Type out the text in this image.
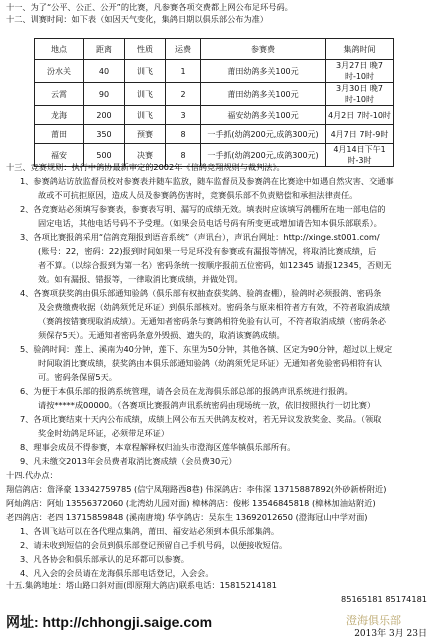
十一、为了“公平、公正、公开”的比赛，凡参赛各项交费都上网公布足环号码。
十二、训赛时间：如下表（如因天气变化，集鸽日期以俱乐部公布为准）
地点	距离	性质	运费	参赛费	集鸽时间
汾水关	40	训飞	1	莆田幼鸽多关100元	3月27日 晚7时-10时
云霄	90	训飞	2	莆田幼鸽多关100元	3月30日 晚7时-10时
龙海	200	训飞	3	福安幼鸽多关100元	4月2日 7时-10时
莆田	350	预赛	8	一手抓(幼鸽200元,成鸽300元)	4月7日 7时-9时
福安	500	决赛	8	一手抓(幼鸽200元,成鸽300元)	4月14日下午1时-3时
十三、竞赛规则：执行中鸽协最新审定的2002年《信鸽竞翔规则与裁判法》。
1、参赛鸽站访放监督员校对参赛表并随车监放，随车监督员及参赛鸽在比赛途中如遇自然灾害、交通事
故或不可抗拒原因，造成人员及参赛鸽伤害时，竞赛俱乐部不负责赔偿和承担法律责任。
2、各竞赛站必须填写参赛表，参赛表写明、漏写的成绩无效。填表时应该填写鸽棚所在地一部电信的
固定电话，其他电话号码不予受理。（如果会员电话号码有所变更或增加请告知本俱乐部联系）。
3、各项比赛报鸽采用“信鸽竞翔报到语音系统”（声讯台），声讯台网址：http://xinge.st001.com/
(账号：22，密码：22)报到时间如果一号足环没有参赛或有漏报等情况，将取消比赛成绩，后
者不算。（以综合报到为第一名）密码条统一按顺序报前五位密码，如12345 请报12345，否则无
效。如有漏报、错报等，一律取消比赛成绩，并做处罚。
4、各赛项获奖鸽由俱乐部通知验鸽（俱乐部有权抽查获奖鸽、验鸽查棚），验鸽时必须报鸽、密码条
及会费缴费收据（幼鸽须凭足环证）到俱乐部核对。密码条与原来相符者方有效，不符者取消成绩
（赛鸽按错赛现取消成绩）。无通知者密码条与赛鸽相符免验有认可，不符者取消成绩（密码条必
须保存5天）。无通知者密码条意外毁损、遗失的，取消该赛鸽成绩。
5、验鸽时间：莲上、溪南为40分钟，莲下、东里为50分钟，其他各镇、区定为90分钟，超过以上规定
时间取消比赛成绩，获奖鸽由本俱乐部通知验鸽（幼鸽须凭足环证）无通知者免验密码相符有认
可。密码条保留5天。
6、为便于本俱乐部的报鸽系统管理，请各会员在龙海俱乐部总部的报鸽声讯系统进行报鸽。
请按*****成00000。（各赛项比赛报鸽声讯系统密码由现场统一放，依旧按照执行一切比赛）
7、各项比赛结束十天内公布成绩，成绩上网公布五天供鸽友校对，若无异议发放奖金、奖品。（领取
奖金时幼鸽足环证，必须带足环证）
8、理事会成员不得参赛，本章程解释权归汕头市澄海区莲华镇俱乐部所有。
9、凡未缴交2013年会员费者取消比赛成绩（会员费30元）
十四.代办点：
翔信鸽店：詹泽豪 13342759785 (信宁凤翔路西8巷) 伟深鸽店：李伟深 13715887892(外砂新桥附近)
阿灿鸽店：阿灿 13556372060 (北湾幼儿园对面) 樟林鸽店：俊彬 13546845818 (樟林加油站附近)
老四鸽店：老四 13715859848 (溪南唐境) 华亨鸽店：吴东生 13692012650 (澄海冠山中学对面)
1、各训飞站可以在各代理点集鸽，莆田、福安站必须到本俱乐部集鸽。
2、请未收到短信的会员到俱乐部登记预留自己手机号码，以便接收短信。
3、凡各协会和俱乐部承认的足环都可以参赛。
4、凡入会的会员请在龙海俱乐部电话登记，入会会。
十五.集鸽地址：塔山路口斜对面(即原翔大鸽店)联系电话：15815214181
85165181 85174181
网址: http://chhongji.saige.com	澄海俱乐部
2013年 3月 23日
